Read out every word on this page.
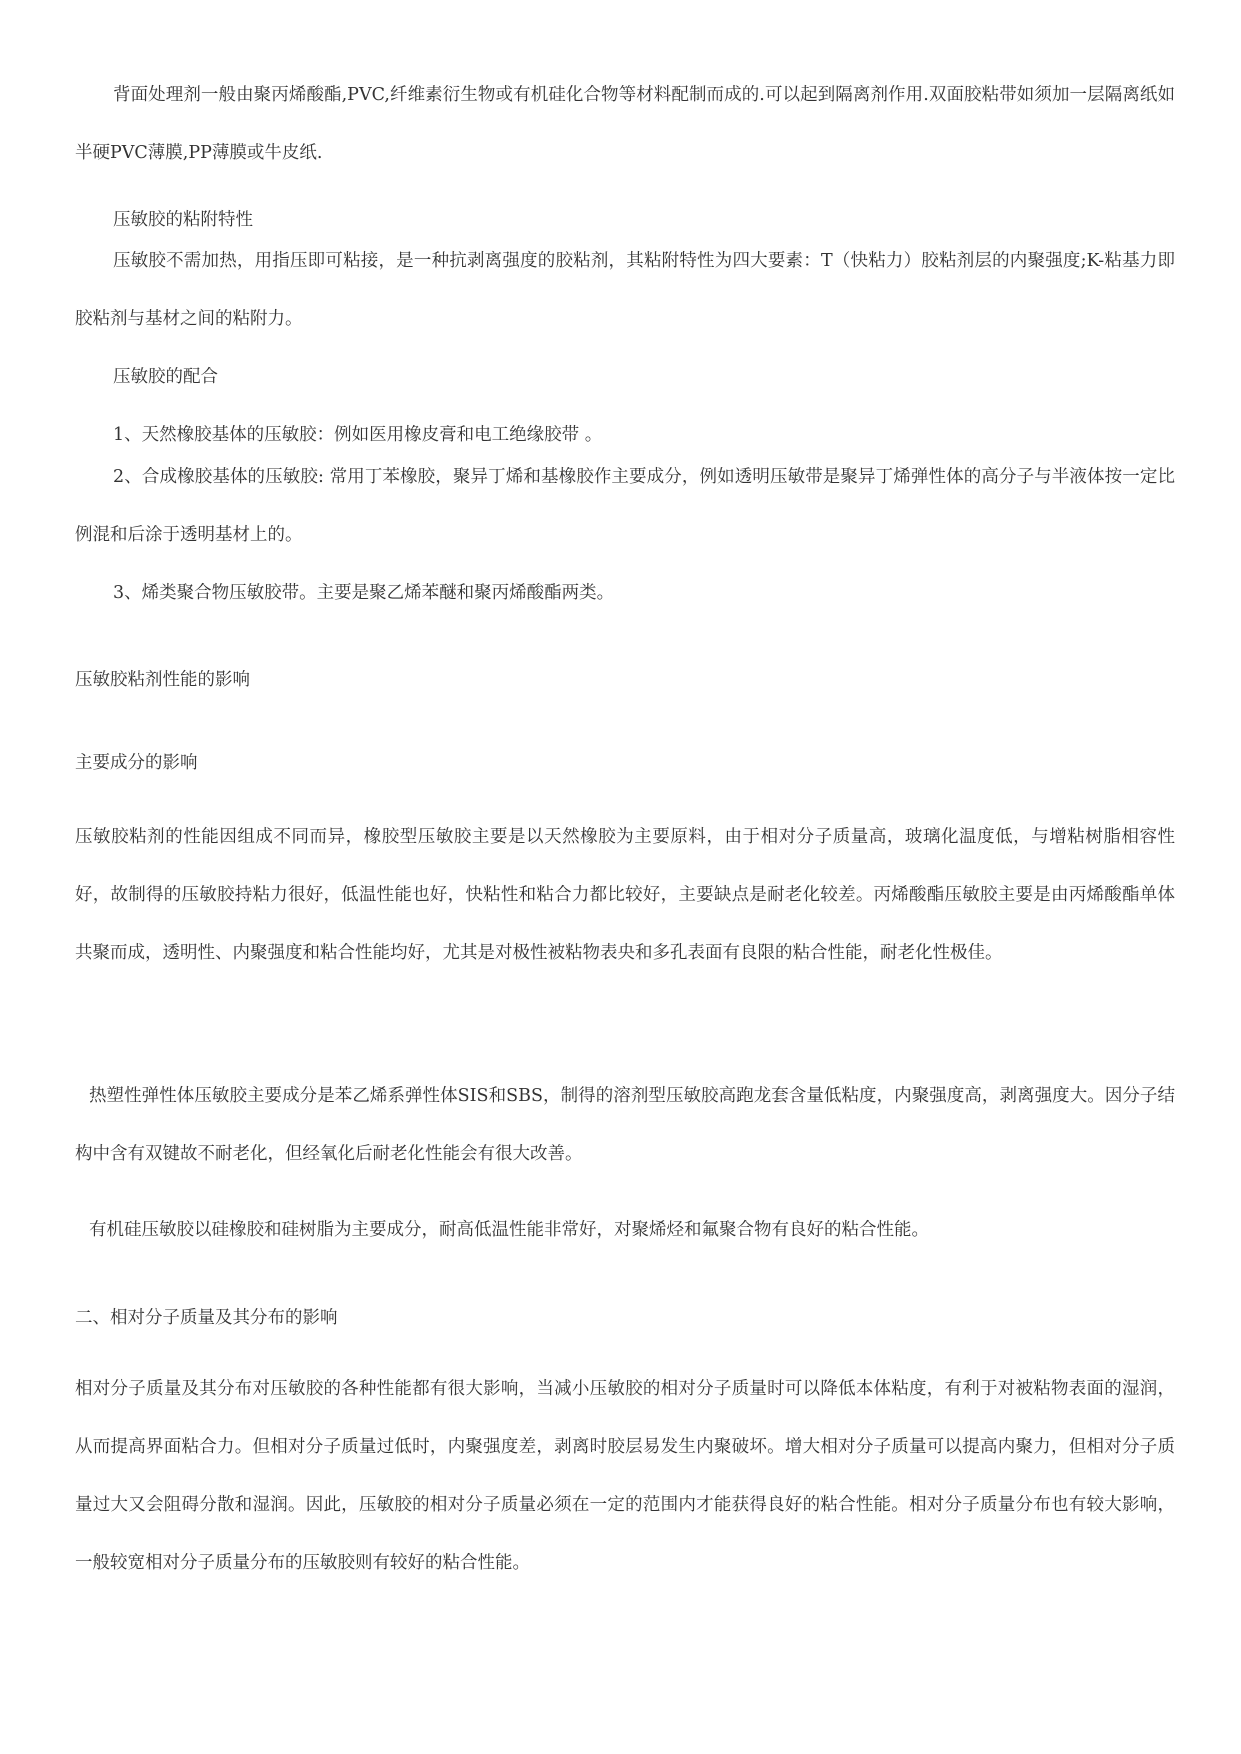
背面处理剂一般由聚丙烯酸酯,PVC,纤维素衍生物或有机硅化合物等材料配制而成的.可以起到隔离剂作用.双面胶粘带如须加一层隔离纸如半硬PVC薄膜,PP薄膜或牛皮纸.

压敏胶的粘附特性

压敏胶不需加热，用指压即可粘接，是一种抗剥离强度的胶粘剂，其粘附特性为四大要素：T（快粘力）胶粘剂层的内聚强度;K-粘基力即胶粘剂与基材之间的粘附力。

压敏胶的配合

1、天然橡胶基体的压敏胶：例如医用橡皮膏和电工绝缘胶带 。

2、合成橡胶基体的压敏胶: 常用丁苯橡胶，聚异丁烯和基橡胶作主要成分，例如透明压敏带是聚异丁烯弹性体的高分子与半液体按一定比例混和后涂于透明基材上的。

3、烯类聚合物压敏胶带。主要是聚乙烯苯醚和聚丙烯酸酯两类。

压敏胶粘剂性能的影响

主要成分的影响

压敏胶粘剂的性能因组成不同而异，橡胶型压敏胶主要是以天然橡胶为主要原料，由于相对分子质量高，玻璃化温度低，与增粘树脂相容性好，故制得的压敏胶持粘力很好，低温性能也好，快粘性和粘合力都比较好，主要缺点是耐老化较差。丙烯酸酯压敏胶主要是由丙烯酸酯单体共聚而成，透明性、内聚强度和粘合性能均好，尤其是对极性被粘物表央和多孔表面有良限的粘合性能，耐老化性极佳。

热塑性弹性体压敏胶主要成分是苯乙烯系弹性体SIS和SBS，制得的溶剂型压敏胶高跑龙套含量低粘度，内聚强度高，剥离强度大。因分子结构中含有双键故不耐老化，但经氧化后耐老化性能会有很大改善。

有机硅压敏胶以硅橡胶和硅树脂为主要成分，耐高低温性能非常好，对聚烯烃和氟聚合物有良好的粘合性能。

二、相对分子质量及其分布的影响

相对分子质量及其分布对压敏胶的各种性能都有很大影响，当减小压敏胶的相对分子质量时可以降低本体粘度，有利于对被粘物表面的湿润，从而提高界面粘合力。但相对分子质量过低时，内聚强度差，剥离时胶层易发生内聚破坏。增大相对分子质量可以提高内聚力，但相对分子质量过大又会阻碍分散和湿润。因此，压敏胶的相对分子质量必须在一定的范围内才能获得良好的粘合性能。相对分子质量分布也有较大影响，一般较宽相对分子质量分布的压敏胶则有较好的粘合性能。
